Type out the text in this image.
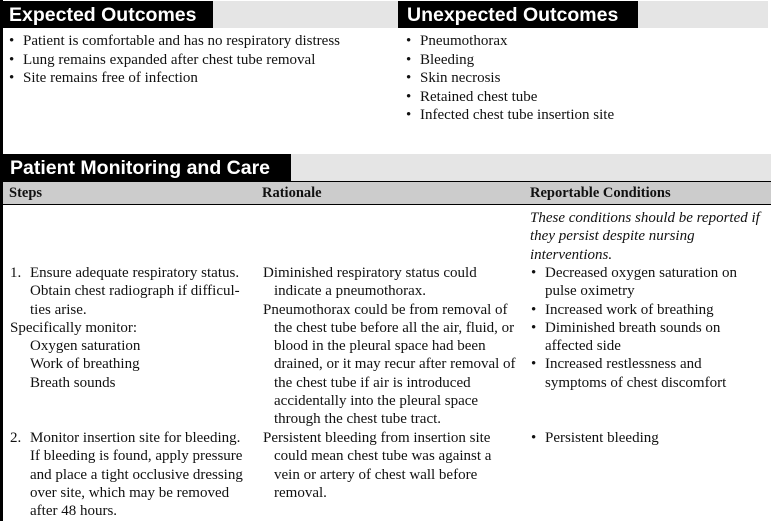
Expected Outcomes
• Patient is comfortable and has no respiratory distress
• Lung remains expanded after chest tube removal
• Site remains free of infection
Unexpected Outcomes
• Pneumothorax
• Bleeding
• Skin necrosis
• Retained chest tube
• Infected chest tube insertion site
Patient Monitoring and Care
Steps	Rationale	Reportable Conditions
These conditions should be reported if they persist despite nursing interventions.
1. Ensure adequate respiratory status.
Obtain chest radiograph if difficul-
ties arise.
Specifically monitor:
Oxygen saturation
Work of breathing
Breath sounds
Diminished respiratory status could indicate a pneumothorax.
Pneumothorax could be from removal of the chest tube before all the air, fluid, or blood in the pleural space had been drained, or it may recur after removal of the chest tube if air is introduced accidentally into the pleural space through the chest tube tract.
• Decreased oxygen saturation on pulse oximetry
• Increased work of breathing
• Diminished breath sounds on affected side
• Increased restlessness and symptoms of chest discomfort
2. Monitor insertion site for bleeding. If bleeding is found, apply pressure and place a tight occlusive dressing over site, which may be removed after 48 hours.
Persistent bleeding from insertion site could mean chest tube was against a vein or artery of chest wall before removal.
• Persistent bleeding
